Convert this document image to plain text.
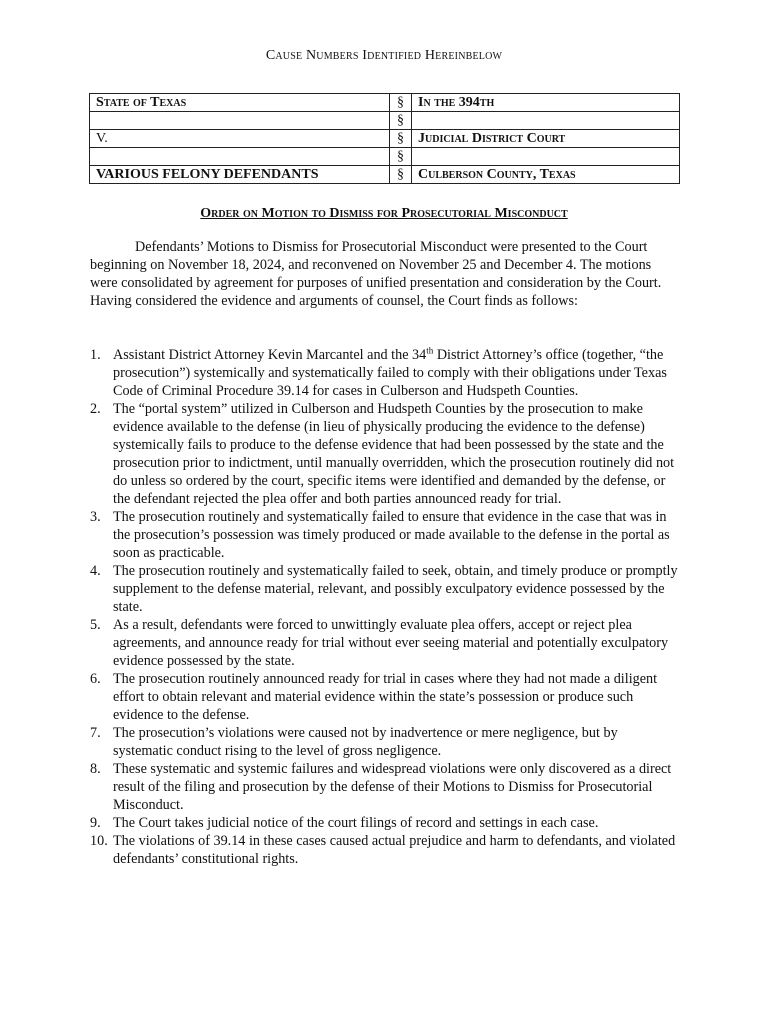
Cause Numbers Identified Hereinbelow
State of Texas	§	In the 394th
	§	
V.	§	Judicial District Court
	§	
VARIOUS FELONY DEFENDANTS	§	Culberson County, Texas
Order on Motion to Dismiss for Prosecutorial Misconduct

Defendants’ Motions to Dismiss for Prosecutorial Misconduct were presented to the Court beginning on November 18, 2024, and reconvened on November 25 and December 4. The motions were consolidated by agreement for purposes of unified presentation and consideration by the Court. Having considered the evidence and arguments of counsel, the Court finds as follows:

1. Assistant District Attorney Kevin Marcantel and the 34th District Attorney’s office (together, “the prosecution”) systemically and systematically failed to comply with their obligations under Texas Code of Criminal Procedure 39.14 for cases in Culberson and Hudspeth Counties.
2. The “portal system” utilized in Culberson and Hudspeth Counties by the prosecution to make evidence available to the defense (in lieu of physically producing the evidence to the defense) systemically fails to produce to the defense evidence that had been possessed by the state and the prosecution prior to indictment, until manually overridden, which the prosecution routinely did not do unless so ordered by the court, specific items were identified and demanded by the defense, or the defendant rejected the plea offer and both parties announced ready for trial.
3. The prosecution routinely and systematically failed to ensure that evidence in the case that was in the prosecution’s possession was timely produced or made available to the defense in the portal as soon as practicable.
4. The prosecution routinely and systematically failed to seek, obtain, and timely produce or promptly supplement to the defense material, relevant, and possibly exculpatory evidence possessed by the state.
5. As a result, defendants were forced to unwittingly evaluate plea offers, accept or reject plea agreements, and announce ready for trial without ever seeing material and potentially exculpatory evidence possessed by the state.
6. The prosecution routinely announced ready for trial in cases where they had not made a diligent effort to obtain relevant and material evidence within the state’s possession or produce such evidence to the defense.
7. The prosecution’s violations were caused not by inadvertence or mere negligence, but by systematic conduct rising to the level of gross negligence.
8. These systematic and systemic failures and widespread violations were only discovered as a direct result of the filing and prosecution by the defense of their Motions to Dismiss for Prosecutorial Misconduct.
9. The Court takes judicial notice of the court filings of record and settings in each case.
10. The violations of 39.14 in these cases caused actual prejudice and harm to defendants, and violated defendants’ constitutional rights.
